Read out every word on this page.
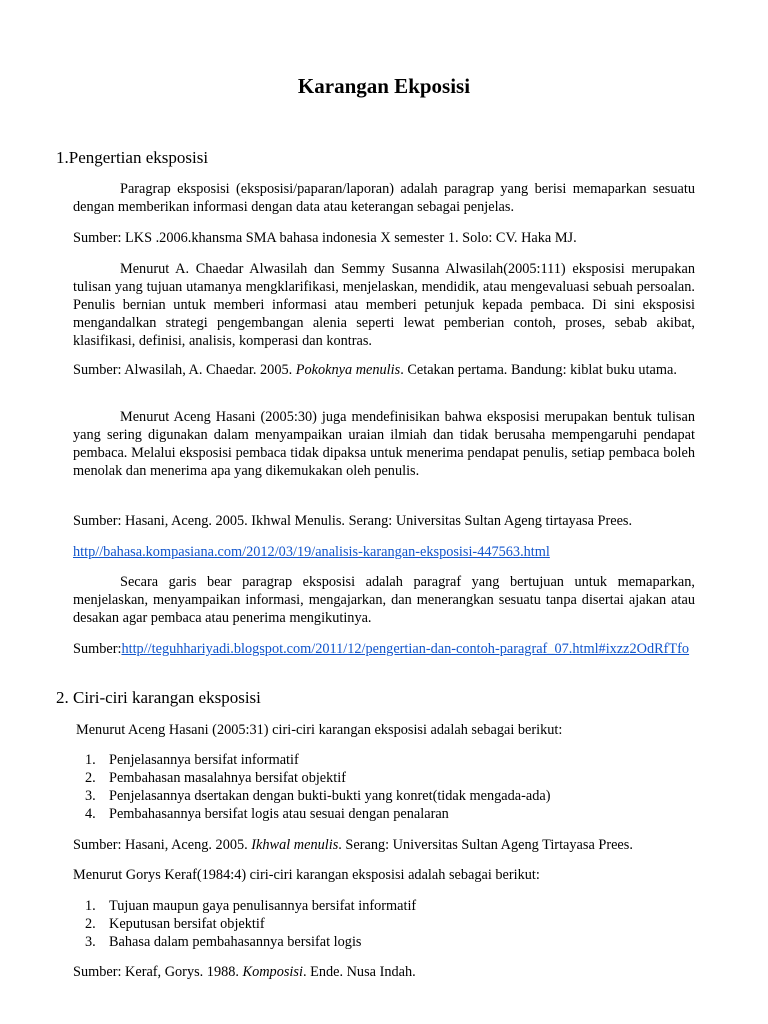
Karangan Ekposisi
1.Pengertian eksposisi
Paragrap eksposisi (eksposisi/paparan/laporan) adalah paragrap yang berisi memaparkan sesuatu dengan memberikan informasi dengan data atau keterangan sebagai penjelas.
Sumber: LKS .2006.khansma SMA bahasa indonesia X semester 1. Solo: CV. Haka MJ.
Menurut A. Chaedar Alwasilah dan Semmy Susanna Alwasilah(2005:111) eksposisi merupakan tulisan yang tujuan utamanya mengklarifikasi, menjelaskan, mendidik, atau mengevaluasi sebuah persoalan. Penulis bernian untuk memberi informasi atau memberi petunjuk kepada pembaca. Di sini eksposisi mengandalkan strategi pengembangan alenia seperti lewat pemberian contoh, proses, sebab akibat, klasifikasi, definisi, analisis, komperasi dan kontras.
Sumber: Alwasilah, A. Chaedar. 2005. Pokoknya menulis. Cetakan pertama. Bandung: kiblat buku utama.
Menurut Aceng Hasani (2005:30) juga mendefinisikan bahwa eksposisi merupakan bentuk tulisan yang sering digunakan dalam menyampaikan uraian ilmiah dan tidak berusaha mempengaruhi pendapat pembaca. Melalui eksposisi pembaca tidak dipaksa untuk menerima pendapat penulis, setiap pembaca boleh menolak dan menerima apa yang dikemukakan oleh penulis.
Sumber: Hasani, Aceng. 2005. Ikhwal Menulis. Serang: Universitas Sultan Ageng tirtayasa Prees.
http//bahasa.kompasiana.com/2012/03/19/analisis-karangan-eksposisi-447563.html
Secara garis bear paragrap eksposisi adalah paragraf yang bertujuan untuk memaparkan, menjelaskan, menyampaikan informasi, mengajarkan, dan menerangkan sesuatu tanpa disertai ajakan atau desakan agar pembaca atau penerima mengikutinya.
Sumber:http//teguhhariyadi.blogspot.com/2011/12/pengertian-dan-contoh-paragraf_07.html#ixzz2OdRfTfo
2. Ciri-ciri karangan eksposisi
Menurut Aceng Hasani (2005:31) ciri-ciri karangan eksposisi adalah sebagai berikut:
1. Penjelasannya bersifat informatif
2. Pembahasan masalahnya bersifat objektif
3. Penjelasannya dsertakan dengan bukti-bukti yang konret(tidak mengada-ada)
4. Pembahasannya bersifat logis atau sesuai dengan penalaran
Sumber: Hasani, Aceng. 2005. Ikhwal menulis. Serang: Universitas Sultan Ageng Tirtayasa Prees.
Menurut Gorys Keraf(1984:4) ciri-ciri karangan eksposisi adalah sebagai berikut:
1. Tujuan maupun gaya penulisannya bersifat informatif
2. Keputusan bersifat objektif
3. Bahasa dalam pembahasannya bersifat logis
Sumber: Keraf, Gorys. 1988. Komposisi. Ende. Nusa Indah.
